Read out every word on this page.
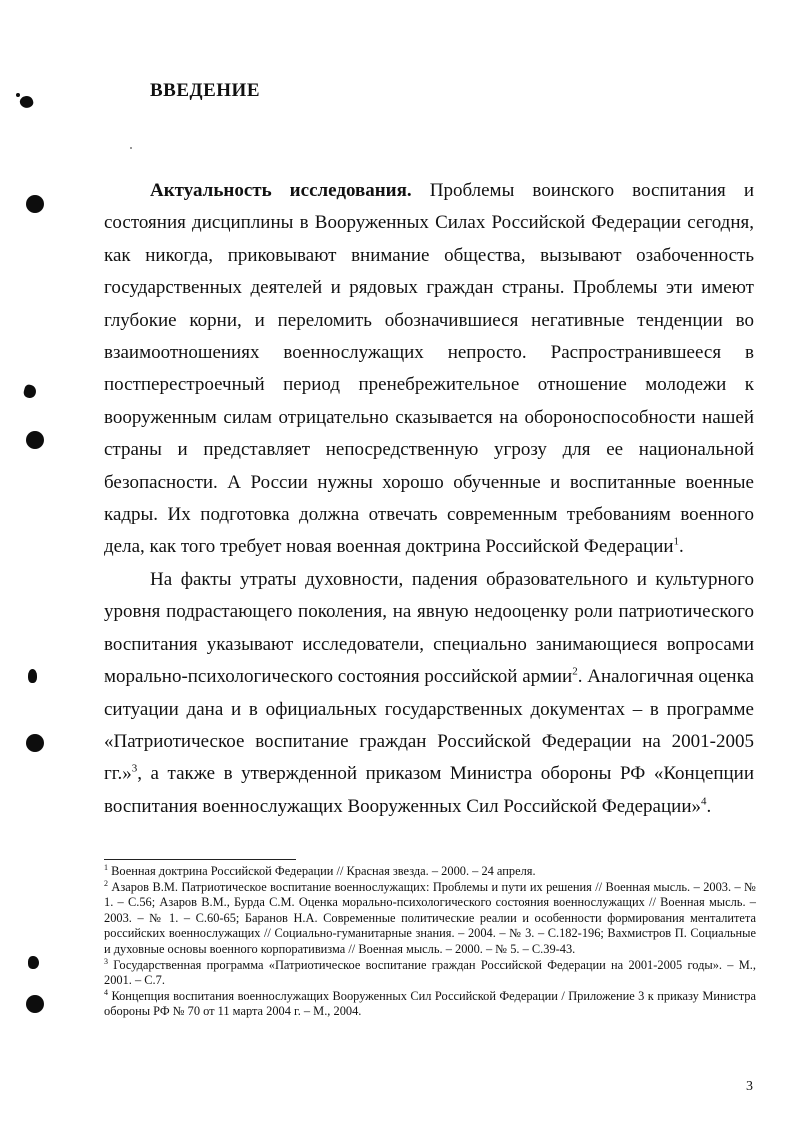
ВВЕДЕНИЕ

Актуальность исследования. Проблемы воинского воспитания и состояния дисциплины в Вооруженных Силах Российской Федерации сегодня, как никогда, приковывают внимание общества, вызывают озабоченность государственных деятелей и рядовых граждан страны. Проблемы эти имеют глубокие корни, и переломить обозначившиеся негативные тенденции во взаимоотношениях военнослужащих непросто. Распространившееся в постперестроечный период пренебрежительное отношение молодежи к вооруженным силам отрицательно сказывается на обороноспособности нашей страны и представляет непосредственную угрозу для ее национальной безопасности. А России нужны хорошо обученные и воспитанные военные кадры. Их подготовка должна отвечать современным требованиям военного дела, как того требует новая военная доктрина Российской Федерации$^1$.

На факты утраты духовности, падения образовательного и культурного уровня подрастающего поколения, на явную недооценку роли патриотического воспитания указывают исследователи, специально занимающиеся вопросами морально-психологического состояния российской армии$^2$. Аналогичная оценка ситуации дана и в официальных государственных документах – в программе «Патриотическое воспитание граждан Российской Федерации на 2001-2005 гг.»$^3$, а также в утвержденной приказом Министра обороны РФ «Концепции воспитания военнослужащих Вооруженных Сил Российской Федерации»$^4$.

$^1$ Военная доктрина Российской Федерации // Красная звезда. – 2000. – 24 апреля.

$^2$ Азаров В.М. Патриотическое воспитание военнослужащих: Проблемы и пути их решения // Военная мысль. – 2003. – № 1. – С.56; Азаров В.М., Бурда С.М. Оценка морально-психологического состояния военнослужащих // Военная мысль. – 2003. – № 1. – С.60-65; Баранов Н.А. Современные политические реалии и особенности формирования менталитета российских военнослужащих // Социально-гуманитарные знания. – 2004. – № 3. – С.182-196; Вахмистров П. Социальные и духовные основы военного корпоративизма // Военная мысль. – 2000. – № 5. – С.39-43.

$^3$ Государственная программа «Патриотическое воспитание граждан Российской Федерации на 2001-2005 годы». – М., 2001. – С.7.

$^4$ Концепция воспитания военнослужащих Вооруженных Сил Российской Федерации / Приложение 3 к приказу Министра обороны РФ № 70 от 11 марта 2004 г. – М., 2004.

3
